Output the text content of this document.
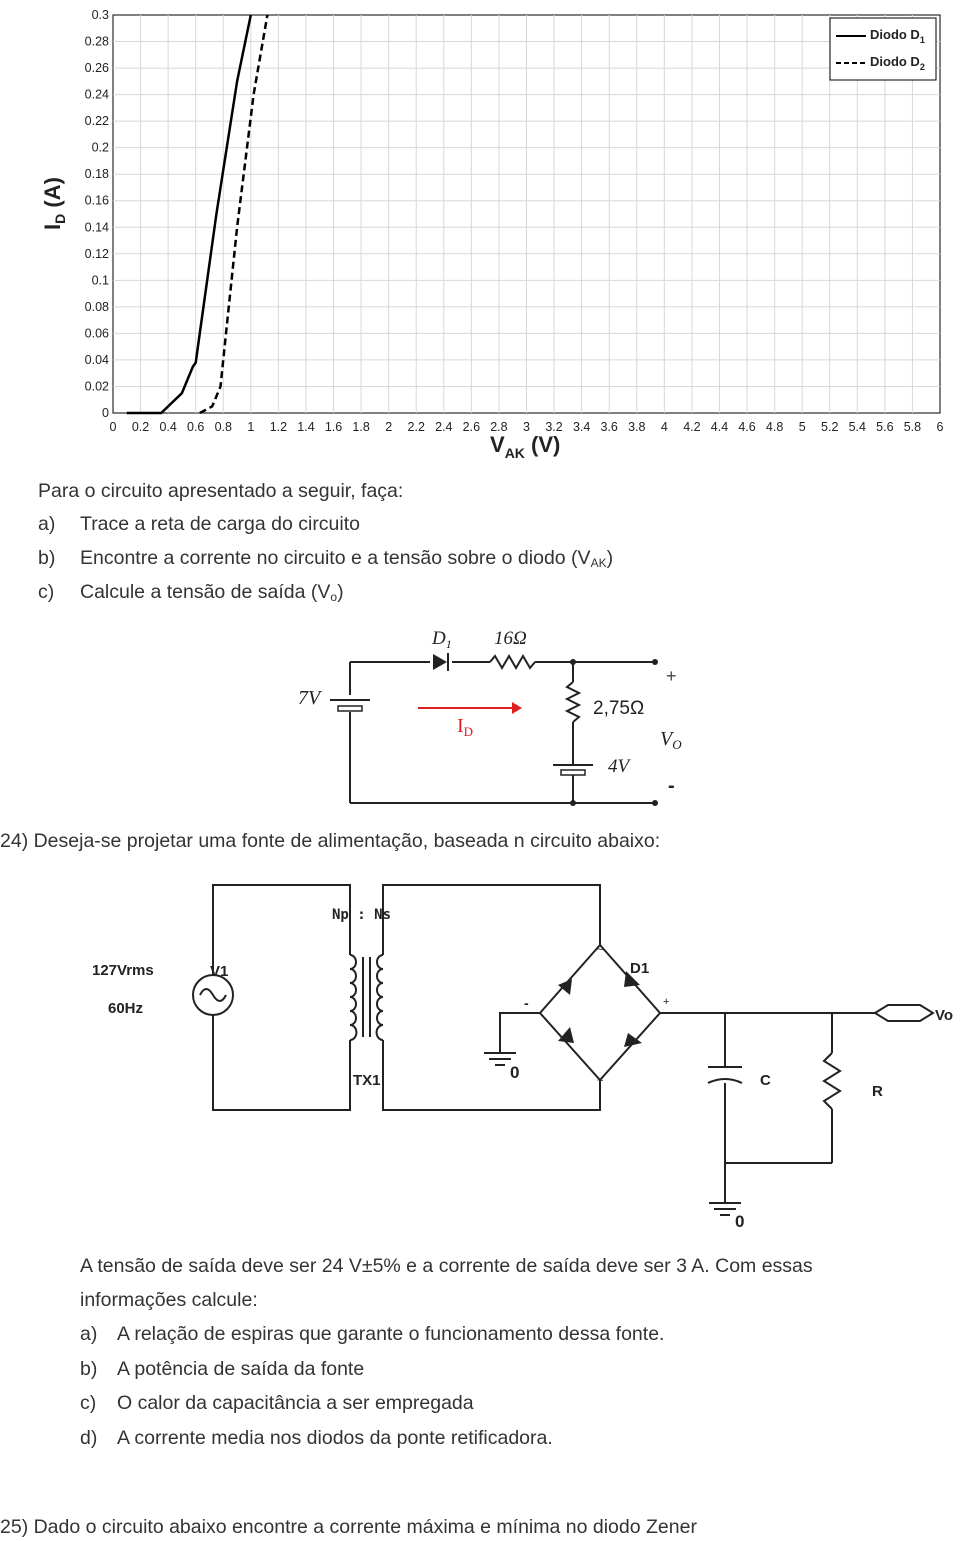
0 0.2 0.4 0.6 0.8 1 1.2 1.4 1.6 1.8 2 2.2 2.4 2.6 2.8 3 3.2 3.4 3.6 3.8 4 4.2 4.4 4.6 4.8 5 5.2 5.4 5.6 5.8 6
0
0.02
0.04
0.06
0.08
0.1
0.12
0.14
0.16
0.18
0.2
0.22
0.24
0.26
0.28
0.3
$I_D$ (A)
$V_{AK}$ (V)
Diodo $D_1$
Diodo $D_2$
Para o circuito apresentado a seguir, faça:
a) Trace a reta de carga do circuito
b) Encontre a corrente no circuito e a tensão sobre o diodo $(V_{AK})$
c) Calcule a tensão de saída $(V_o)$
$D_1$ 16Ω
7V
$I_D$
2,75Ω
4V
$V_O$
+
-
24) Deseja-se projetar uma fonte de alimentação, baseada n circuito abaixo:
Np : Ns
127Vrms
60Hz
V1
TX1
D1
C
R
0
0
Vo
~
~
-	+
A tensão de saída deve ser 24 V±5% e a corrente de saída deve ser 3 A. Com essas
informações calcule:
a) A relação de espiras que garante o funcionamento dessa fonte.
b) A potência de saída da fonte
c) O calor da capacitância a ser empregada
d) A corrente media nos diodos da ponte retificadora.
25) Dado o circuito abaixo encontre a corrente máxima e mínima no diodo Zener
